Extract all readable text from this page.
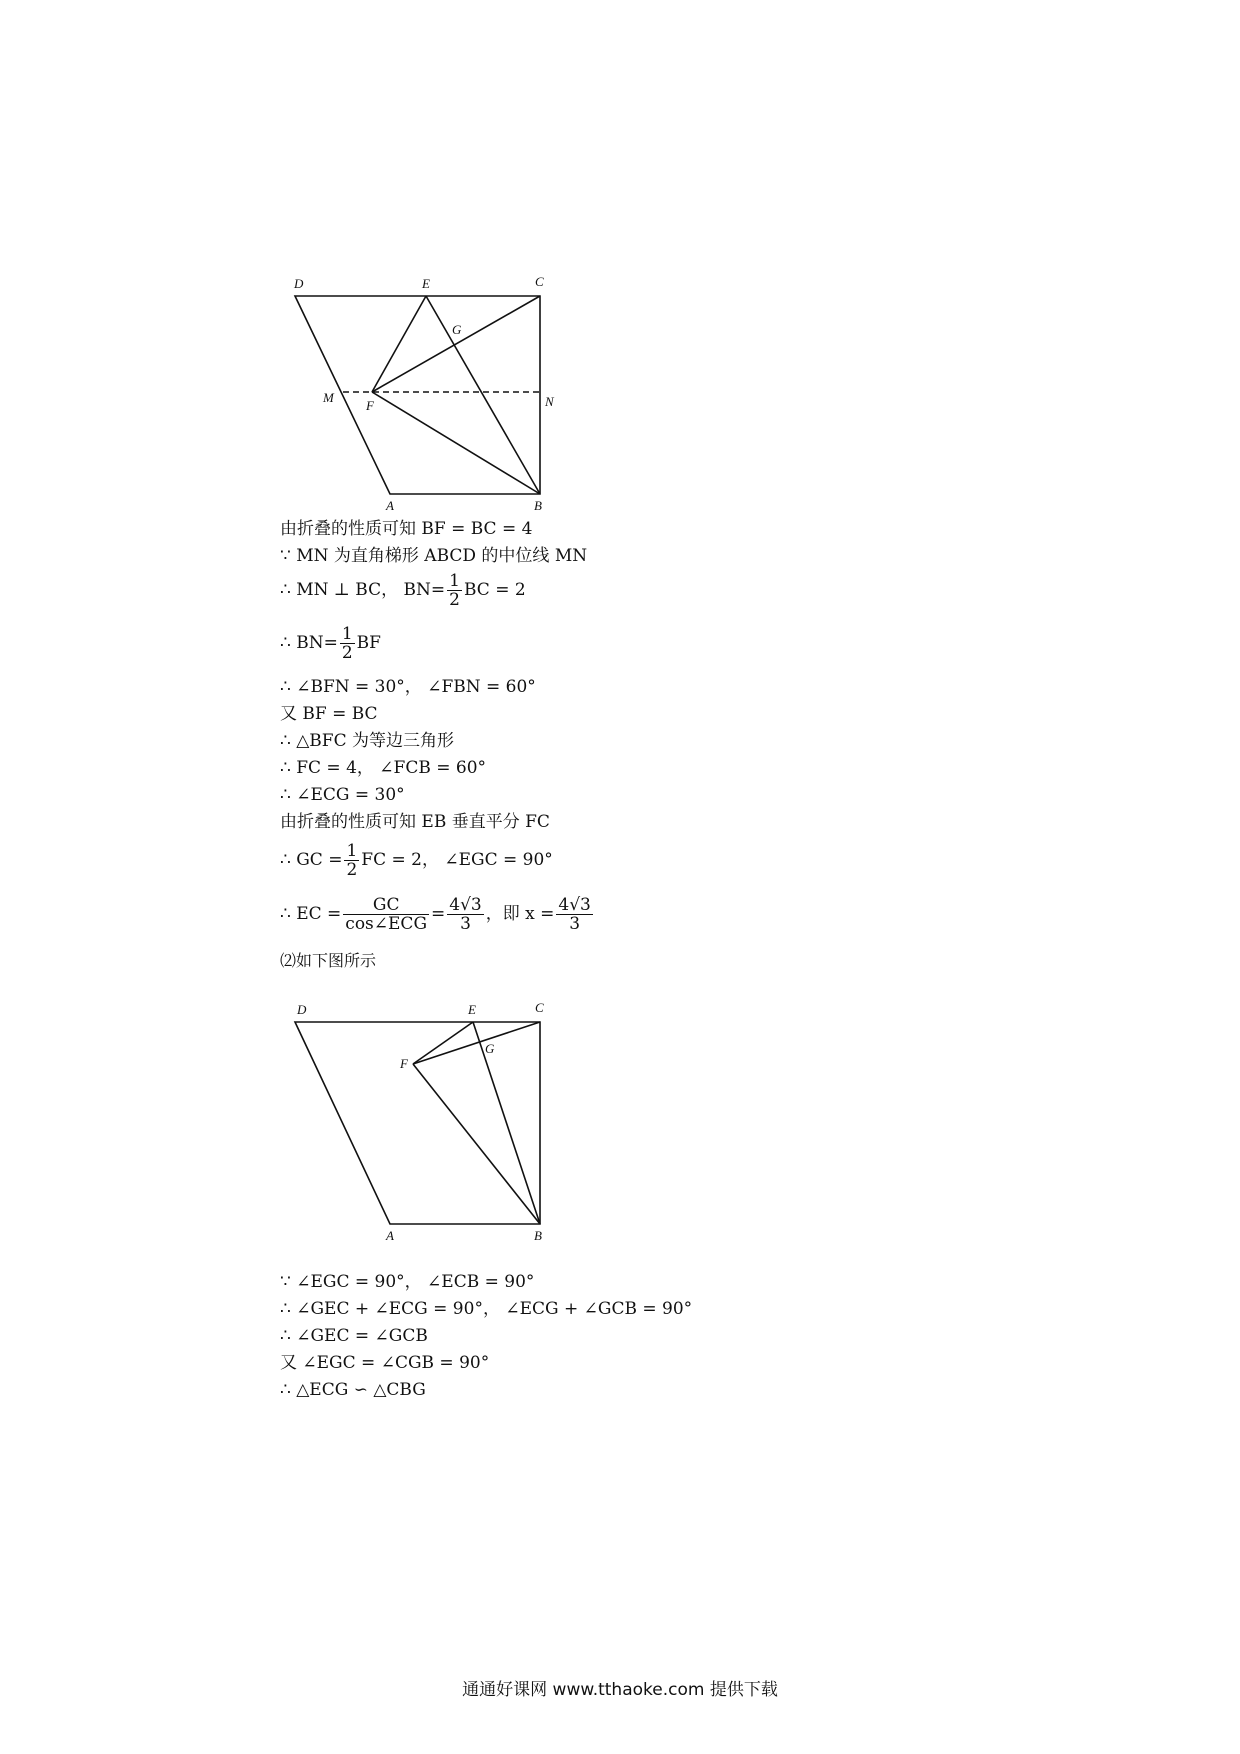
D	E	C
G
M
F	N
A	B
由折叠的性质可知 BF = BC = 4
∵ MN 为直角梯形 ABCD 的中位线 MN
∴ MN ⊥ BC， $BN= \frac{1}{2}$ BC = 2
∴ $BN= \frac{1}{2}$ BF
∴ ∠BFN = 30°， ∠FBN = 60°
又 BF = BC
∴ △BFC 为等边三角形
∴ FC = 4， ∠FCB = 60°
∴ ∠ECG = 30°
由折叠的性质可知 EB 垂直平分 FC
∴ GC = $\frac{1}{2}$ FC = 2， ∠EGC = 90°
∴ EC = $\frac{GC}{\text{cos∠ECG}} = \frac{4√3}{3}$ ，即 $x = \frac{4√3}{3}$
⑵如下图所示
D	E	C
G
F
A	B
∵ ∠EGC = 90°， ∠ECB = 90°
∴ ∠GEC + ∠ECG = 90°， ∠ECG + ∠GCB = 90°
∴ ∠GEC = ∠GCB
又 ∠EGC = ∠CGB = 90°
∴ △ECG ∽ △CBG
通通好课网 www.tthaoke.com 提供下载
